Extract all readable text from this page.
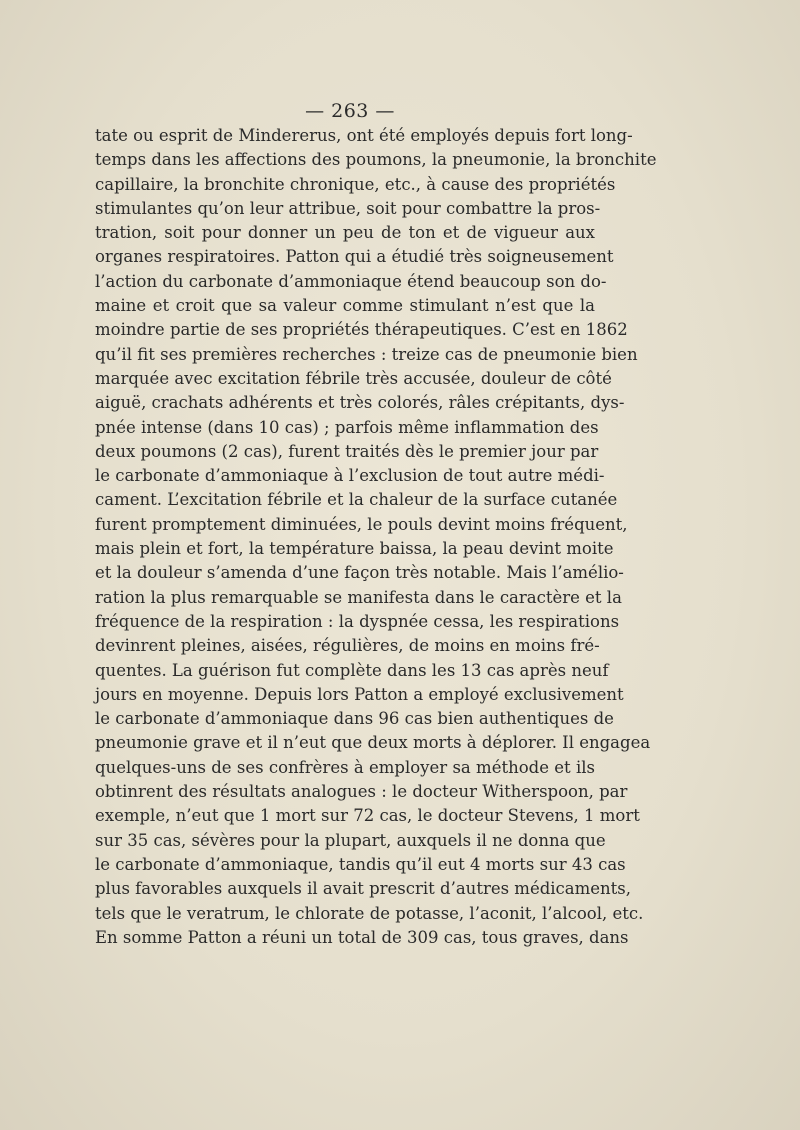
— 263 —
tate ou esprit de Mindererus, ont été employés depuis fort long-
temps dans les affections des poumons, la pneumonie, la bronchite
capillaire, la bronchite chronique, etc., à cause des propriétés
stimulantes qu’on leur attribue, soit pour combattre la pros-
tration, soit pour donner un peu de ton et de vigueur aux
organes respiratoires. Patton qui a étudié très soigneusement
l’action du carbonate d’ammoniaque étend beaucoup son do-
maine et croit que sa valeur comme stimulant n’est que la
moindre partie de ses propriétés thérapeutiques. C’est en 1862
qu’il fit ses premières recherches : treize cas de pneumonie bien
marquée avec excitation fébrile très accusée, douleur de côté
aiguë, crachats adhérents et très colorés, râles crépitants, dys-
pnée intense (dans 10 cas) ; parfois même inflammation des
deux poumons (2 cas), furent traités dès le premier jour par
le carbonate d’ammoniaque à l’exclusion de tout autre médi-
cament. L’excitation fébrile et la chaleur de la surface cutanée
furent promptement diminuées, le pouls devint moins fréquent,
mais plein et fort, la température baissa, la peau devint moite
et la douleur s’amenda d’une façon très notable. Mais l’amélio-
ration la plus remarquable se manifesta dans le caractère et la
fréquence de la respiration : la dyspnée cessa, les respirations
devinrent pleines, aisées, régulières, de moins en moins fré-
quentes. La guérison fut complète dans les 13 cas après neuf
jours en moyenne. Depuis lors Patton a employé exclusivement
le carbonate d’ammoniaque dans 96 cas bien authentiques de
pneumonie grave et il n’eut que deux morts à déplorer. Il engagea
quelques-uns de ses confrères à employer sa méthode et ils
obtinrent des résultats analogues : le docteur Witherspoon, par
exemple, n’eut que 1 mort sur 72 cas, le docteur Stevens, 1 mort
sur 35 cas, sévères pour la plupart, auxquels il ne donna que
le carbonate d’ammoniaque, tandis qu’il eut 4 morts sur 43 cas
plus favorables auxquels il avait prescrit d’autres médicaments,
tels que le veratrum, le chlorate de potasse, l’aconit, l’alcool, etc.
En somme Patton a réuni un total de 309 cas, tous graves, dans
